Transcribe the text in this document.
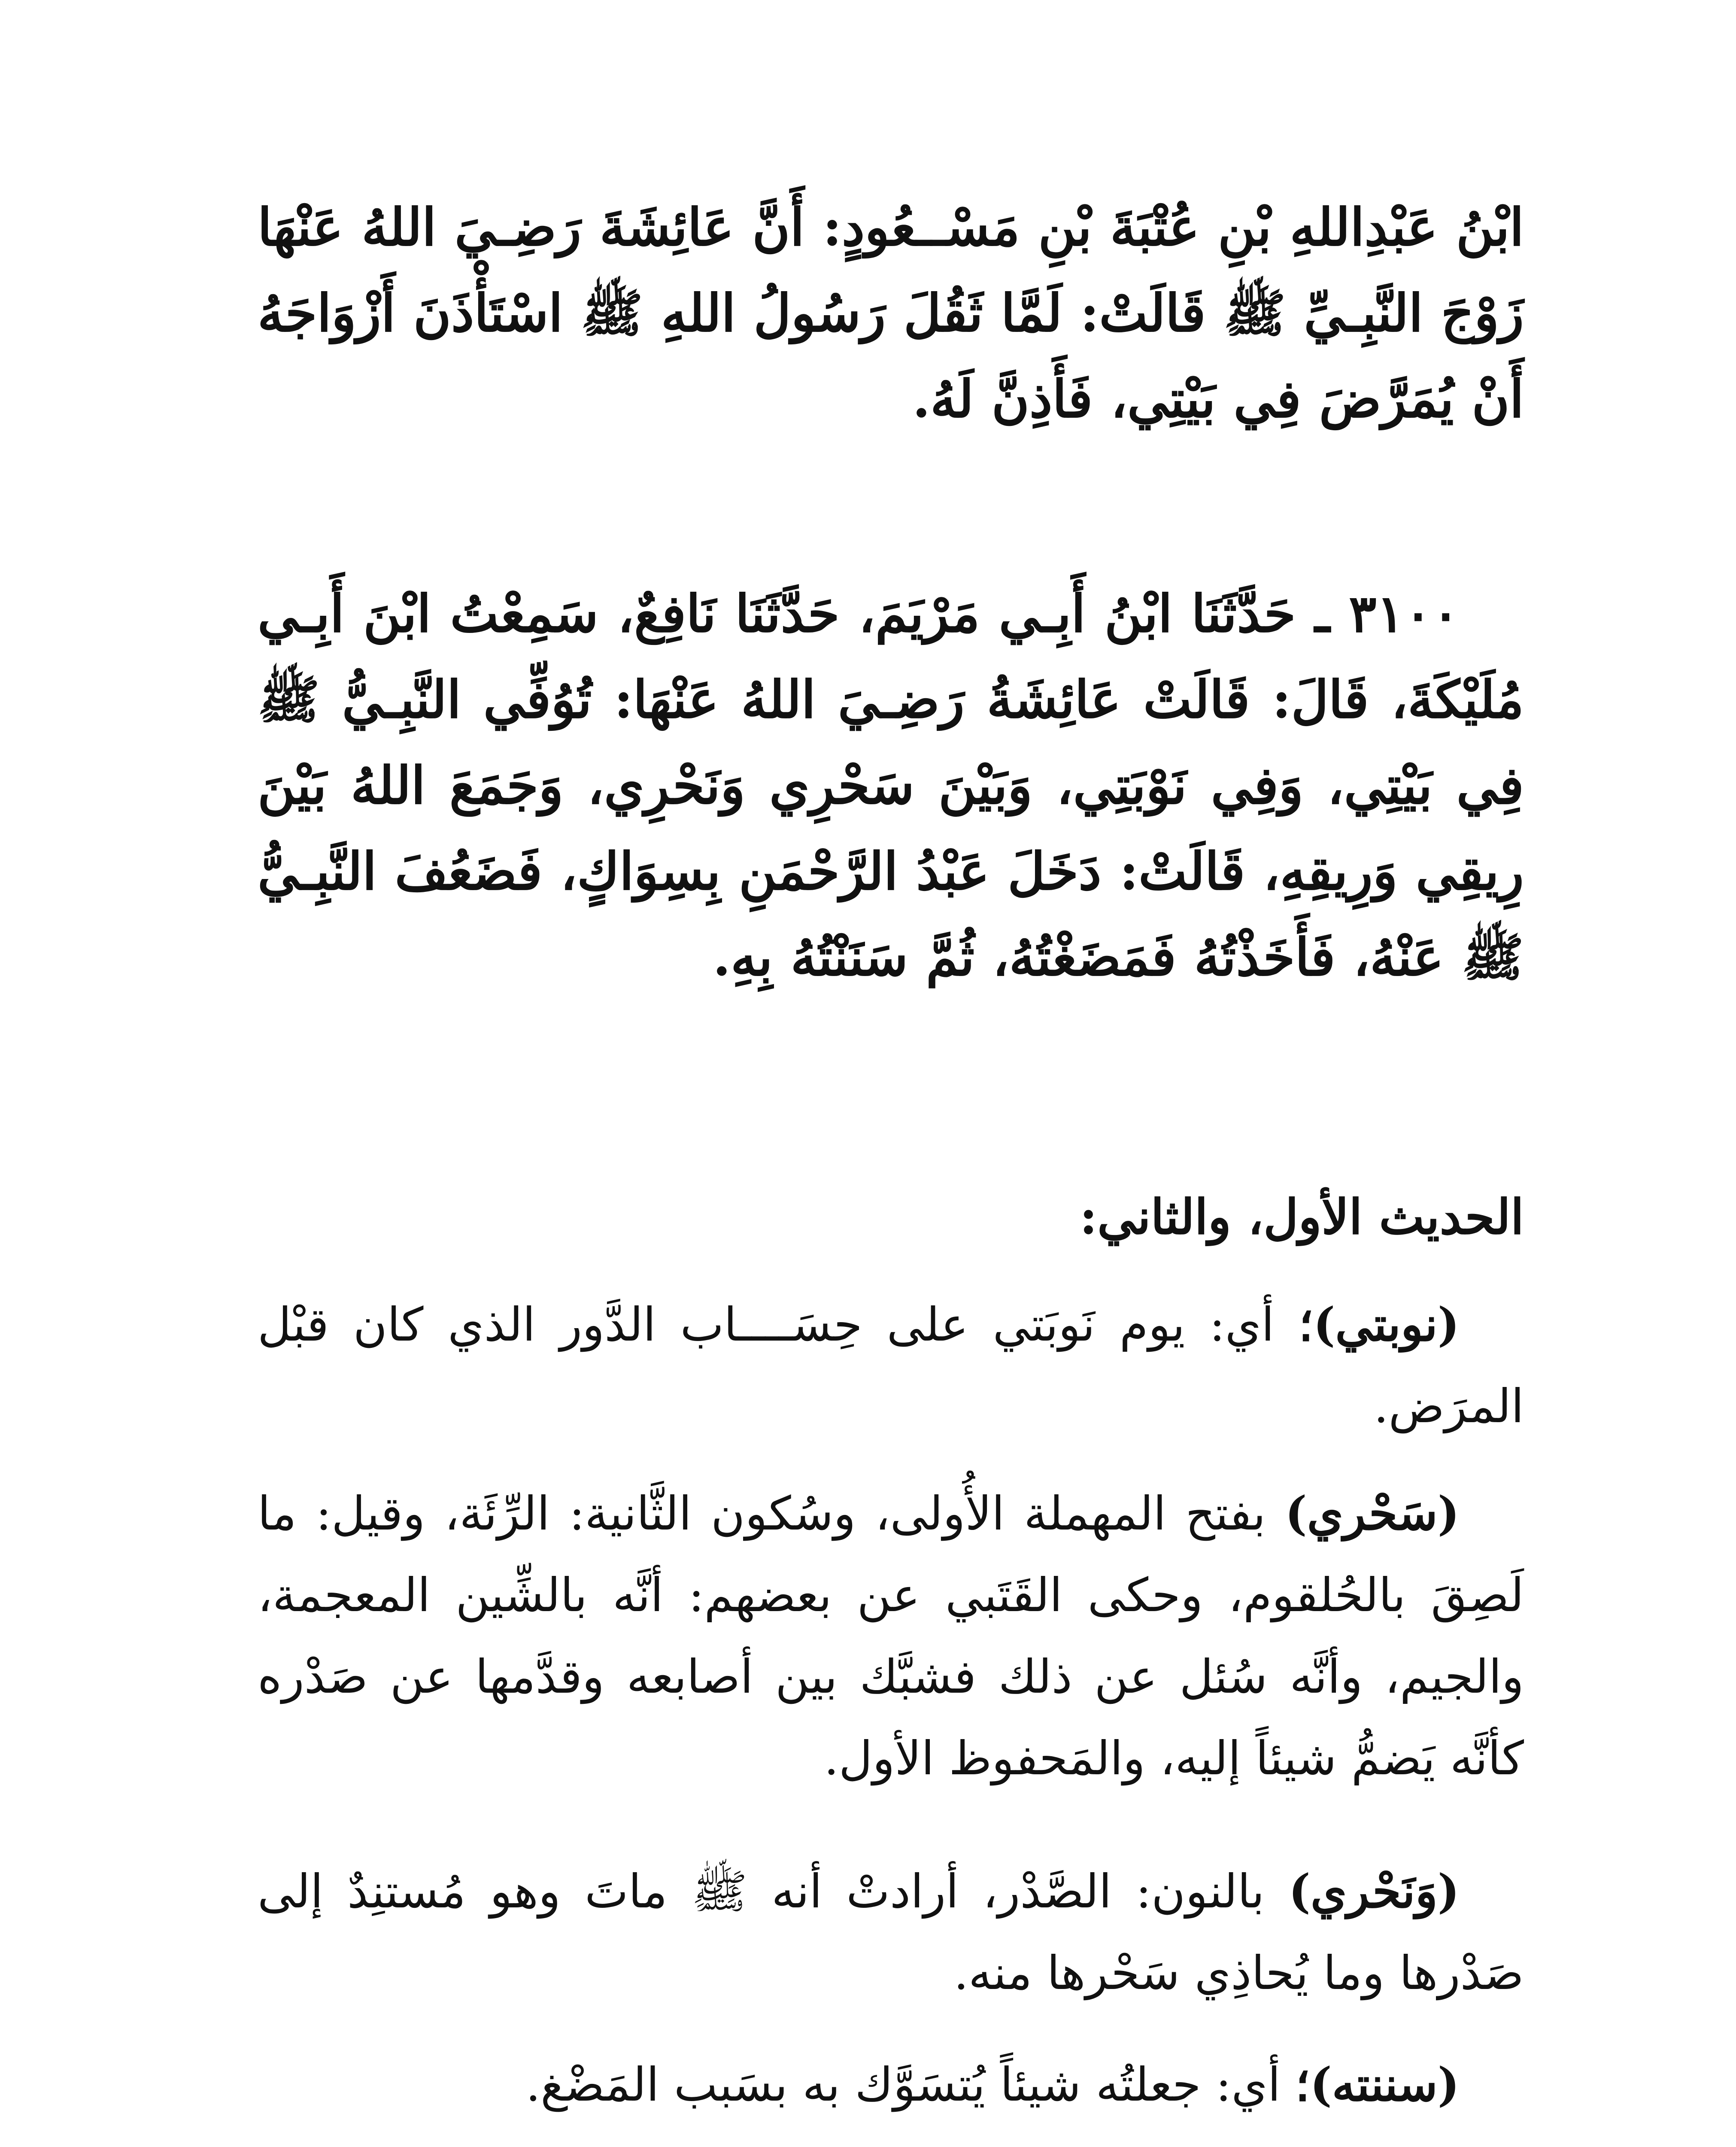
ابْنُ عَبْدِاللهِ بْنِ عُتْبَةَ بْنِ مَسْــعُودٍ: أَنَّ عَائِشَةَ رَضِـيَ اللهُ عَنْهَا زَوْجَ النَّبِـيِّ ﷺ قَالَتْ: لَمَّا ثَقُلَ رَسُولُ اللهِ ﷺ اسْتَأْذَنَ أَزْوَاجَهُ أَنْ يُمَرَّضَ فِي بَيْتِي، فَأَذِنَّ لَهُ.

٣١٠٠ ـ حَدَّثَنَا ابْنُ أَبِـي مَرْيَمَ، حَدَّثَنَا نَافِعٌ، سَمِعْتُ ابْنَ أَبِـي مُلَيْكَةَ، قَالَ: قَالَتْ عَائِشَةُ رَضِـيَ اللهُ عَنْهَا: تُوُفِّي النَّبِـيُّ ﷺ فِي بَيْتِي، وَفِي نَوْبَتِي، وَبَيْنَ سَحْرِي وَنَحْرِي، وَجَمَعَ اللهُ بَيْنَ رِيقِي وَرِيقِهِ، قَالَتْ: دَخَلَ عَبْدُ الرَّحْمَنِ بِسِوَاكٍ، فَضَعُفَ النَّبِـيُّ ﷺ عَنْهُ، فَأَخَذْتُهُ فَمَضَغْتُهُ، ثُمَّ سَنَنْتُهُ بِهِ.

الحديث الأول، والثاني:

(نوبتي)؛ أي: يوم نَوبَتي على حِسَــــاب الدَّور الذي كان قبْل المرَض.

(سَحْري) بفتح المهملة الأُولى، وسُكون الثَّانية: الرِّئَة، وقيل: ما لَصِقَ بالحُلقوم، وحكى القَتَبي عن بعضهم: أنَّه بالشِّين المعجمة، والجيم، وأنَّه سُئل عن ذلك فشبَّك بين أصابعه وقدَّمها عن صَدْره كأنَّه يَضمُّ شيئاً إليه، والمَحفوظ الأول.

(وَنَحْري) بالنون: الصَّدْر، أرادتْ أنه ﷺ ماتَ وهو مُستنِدٌ إلى صَدْرها وما يُحاذِي سَحْرها منه.

(سننته)؛ أي: جعلتُه شيئاً يُتسَوَّك به بسَبب المَضْغ.
